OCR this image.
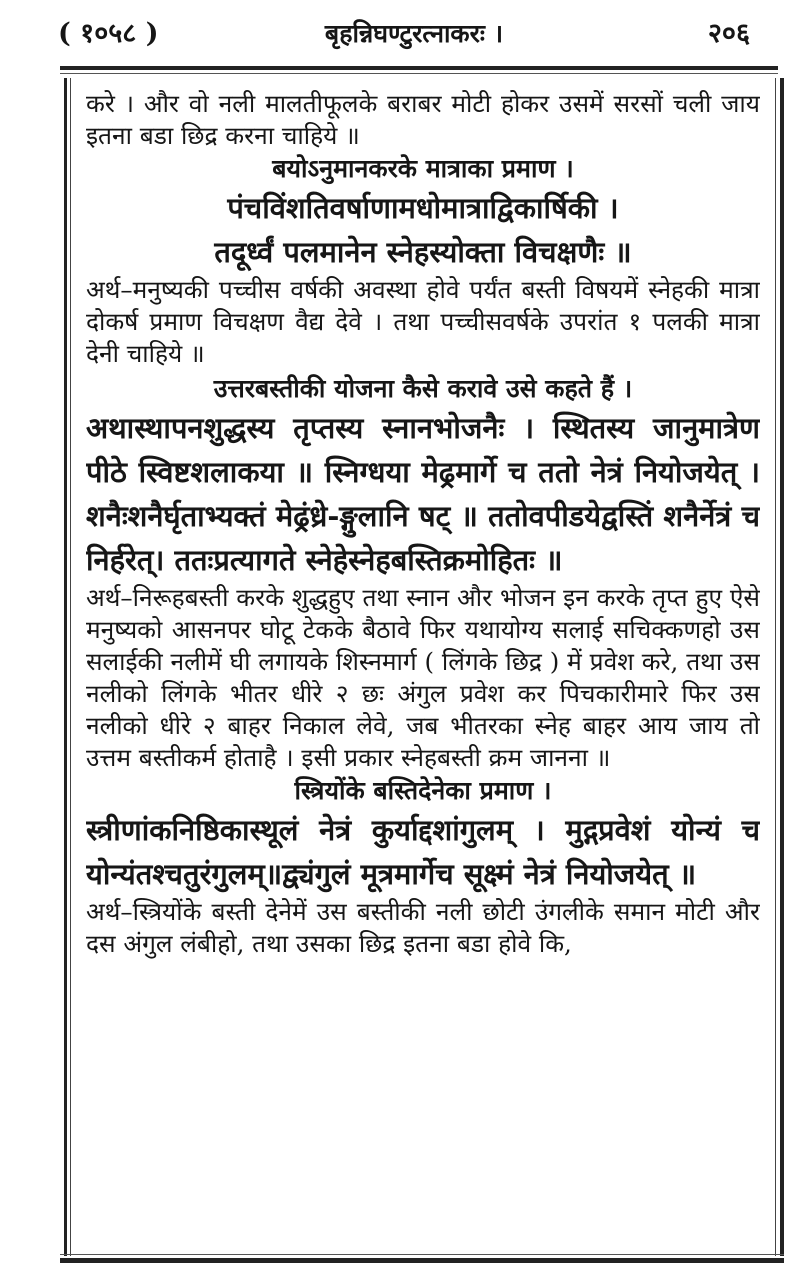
( १०५८ )	बृहन्निघण्टुरत्नाकरः ।	२०६

करे । और वो नली मालतीफूलके बराबर मोटी होकर उसमें सरसों चली जाय इतना बडा छिद्र करना चाहिये ॥

बयोऽनुमानकरके मात्राका प्रमाण ।

पंचविंशतिवर्षाणामधोमात्राद्विकार्षिकी ।

तदूर्ध्वं पलमानेन स्नेहस्योक्ता विचक्षणैः ॥

अर्थ–मनुष्यकी पच्चीस वर्षकी अवस्था होवे पर्यंत बस्ती विषयमें स्नेहकी मात्रा दोकर्ष प्रमाण विचक्षण वैद्य देवे । तथा पच्चीसवर्षके उपरांत १ पलकी मात्रा देनी चाहिये ॥

उत्तरबस्तीकी योजना कैसे करावे उसे कहते हैं ।

अथास्थापनशुद्धस्य तृप्तस्य स्नानभोजनैः । स्थितस्य जानुमात्रेण पीठे स्विष्टशलाकया ॥ स्निग्धया मेढ्रमार्गे च ततो नेत्रं नियोजयेत् । शनैःशनैर्घृताभ्यक्तं मेढ्रंध्रे-ङ्गुलानि षट् ॥ ततोवपीडयेद्वस्तिं शनैर्नेत्रं च निर्हरेत्। ततःप्रत्यागते स्नेहेस्नेहबस्तिक्रमोहितः ॥

अर्थ–निरूहबस्ती करके शुद्धहुए तथा स्नान और भोजन इन करके तृप्त हुए ऐसे मनुष्यको आसनपर घोटू टेकके बैठावे फिर यथायोग्य सलाई सचिक्कणहो उस सलाईकी नलीमें घी लगायके शिस्नमार्ग ( लिंगके छिद्र ) में प्रवेश करे, तथा उस नलीको लिंगके भीतर धीरे २ छः अंगुल प्रवेश कर पिचकारीमारे फिर उस नलीको धीरे २ बाहर निकाल लेवे, जब भीतरका स्नेह बाहर आय जाय तो उत्तम बस्तीकर्म होताहै । इसी प्रकार स्नेहबस्ती क्रम जानना ॥

स्त्रियोंके बस्तिदेनेका प्रमाण ।

स्त्रीणांकनिष्ठिकास्थूलं नेत्रं कुर्याद्दशांगुलम् । मुद्गप्रवेशं योन्यं च योन्यंतश्चतुरंगुलम्॥द्व्यंगुलं मूत्रमार्गेच सूक्ष्मं नेत्रं नियोजयेत् ॥

अर्थ–स्त्रियोंके बस्ती देनेमें उस बस्तीकी नली छोटी उंगलीके समान मोटी और दस अंगुल लंबीहो, तथा उसका छिद्र इतना बडा होवे कि,
